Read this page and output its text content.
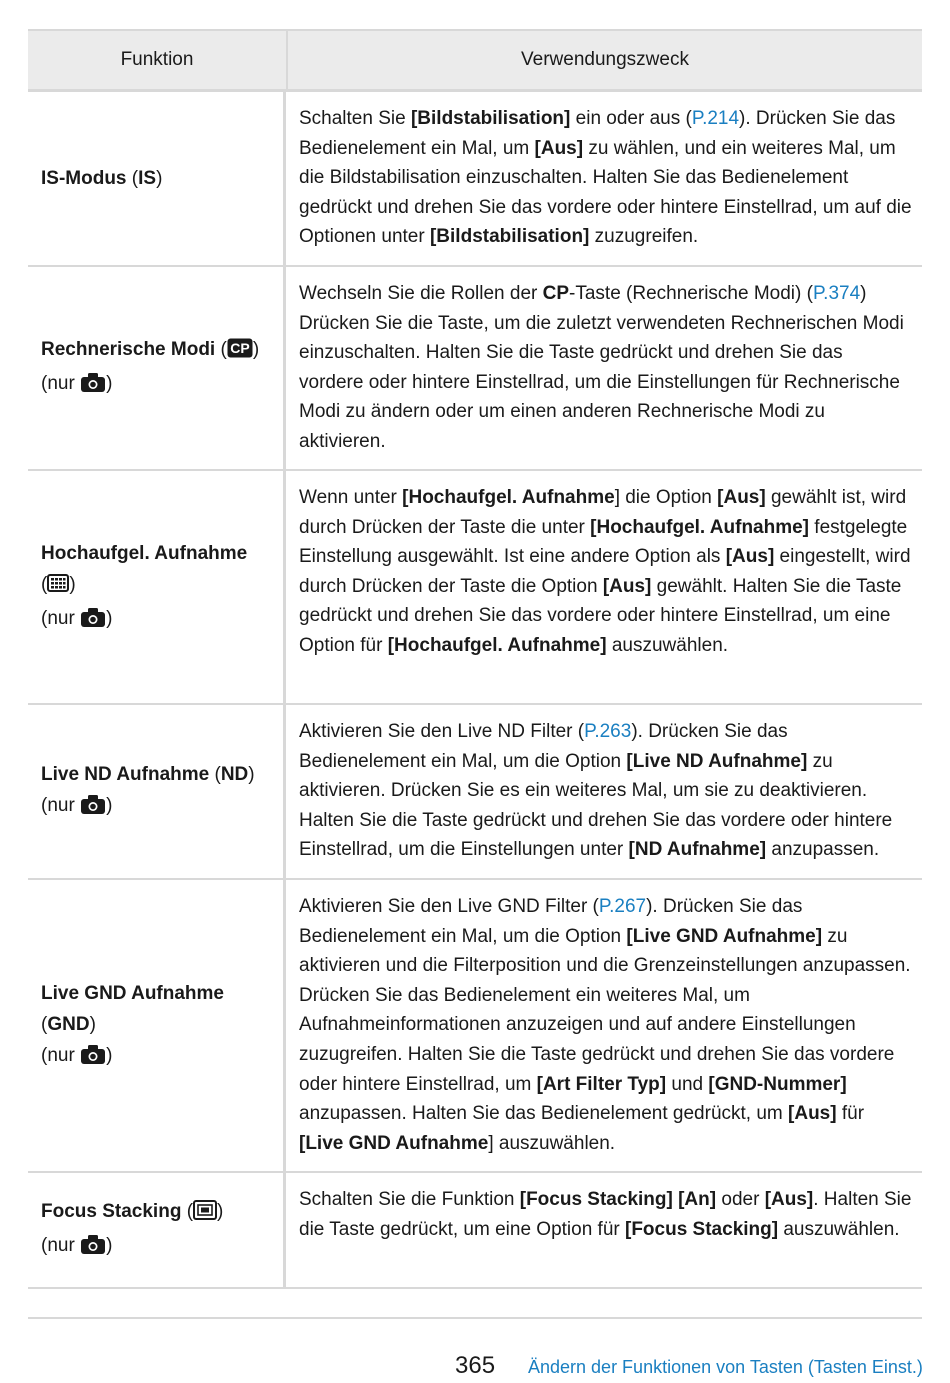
Funktion	Verwendungszweck
IS-Modus (IS)
Schalten Sie [Bildstabilisation] ein oder aus (P.214). Drücken Sie das Bedienelement ein Mal, um [Aus] zu wählen, und ein weiteres Mal, um die Bildstabilisation einzuschalten. Halten Sie das Bedienelement gedrückt und drehen Sie das vordere oder hintere Einstellrad, um auf die Optionen unter [Bildstabilisation] zuzugreifen.
Rechnerische Modi ( CP )
(nur )
Wechseln Sie die Rollen der CP-Taste (Rechnerische Modi) (P.374) Drücken Sie die Taste, um die zuletzt verwendeten Rechnerischen Modi einzuschalten. Halten Sie die Taste gedrückt und drehen Sie das vordere oder hintere Einstellrad, um die Einstellungen für Rechnerische Modi zu ändern oder um einen anderen Rechnerische Modi zu aktivieren.
Hochaufgel. Aufnahme
( )
(nur )
Wenn unter [Hochaufgel. Aufnahme] die Option [Aus] gewählt ist, wird durch Drücken der Taste die unter [Hochaufgel. Aufnahme] festgelegte Einstellung ausgewählt. Ist eine andere Option als [Aus] eingestellt, wird durch Drücken der Taste die Option [Aus] gewählt. Halten Sie die Taste gedrückt und drehen Sie das vordere oder hintere Einstellrad, um eine Option für [Hochaufgel. Aufnahme] auszuwählen.
Live ND Aufnahme (ND)
(nur )
Aktivieren Sie den Live ND Filter (P.263). Drücken Sie das Bedienelement ein Mal, um die Option [Live ND Aufnahme] zu aktivieren. Drücken Sie es ein weiteres Mal, um sie zu deaktivieren. Halten Sie die Taste gedrückt und drehen Sie das vordere oder hintere Einstellrad, um die Einstellungen unter [ND Aufnahme] anzupassen.
Live GND Aufnahme
(GND)
(nur )
Aktivieren Sie den Live GND Filter (P.267). Drücken Sie das Bedienelement ein Mal, um die Option [Live GND Aufnahme] zu aktivieren und die Filterposition und die Grenzeinstellungen anzupassen. Drücken Sie das Bedienelement ein weiteres Mal, um Aufnahmeinformationen anzuzeigen und auf andere Einstellungen zuzugreifen. Halten Sie die Taste gedrückt und drehen Sie das vordere oder hintere Einstellrad, um [Art Filter Typ] und [GND-Nummer] anzupassen. Halten Sie das Bedienelement gedrückt, um [Aus] für [Live GND Aufnahme] auszuwählen.
Focus Stacking ( )
(nur )
Schalten Sie die Funktion [Focus Stacking] [An] oder [Aus]. Halten Sie die Taste gedrückt, um eine Option für [Focus Stacking] auszuwählen.
365 Ändern der Funktionen von Tasten (Tasten Einst.)
